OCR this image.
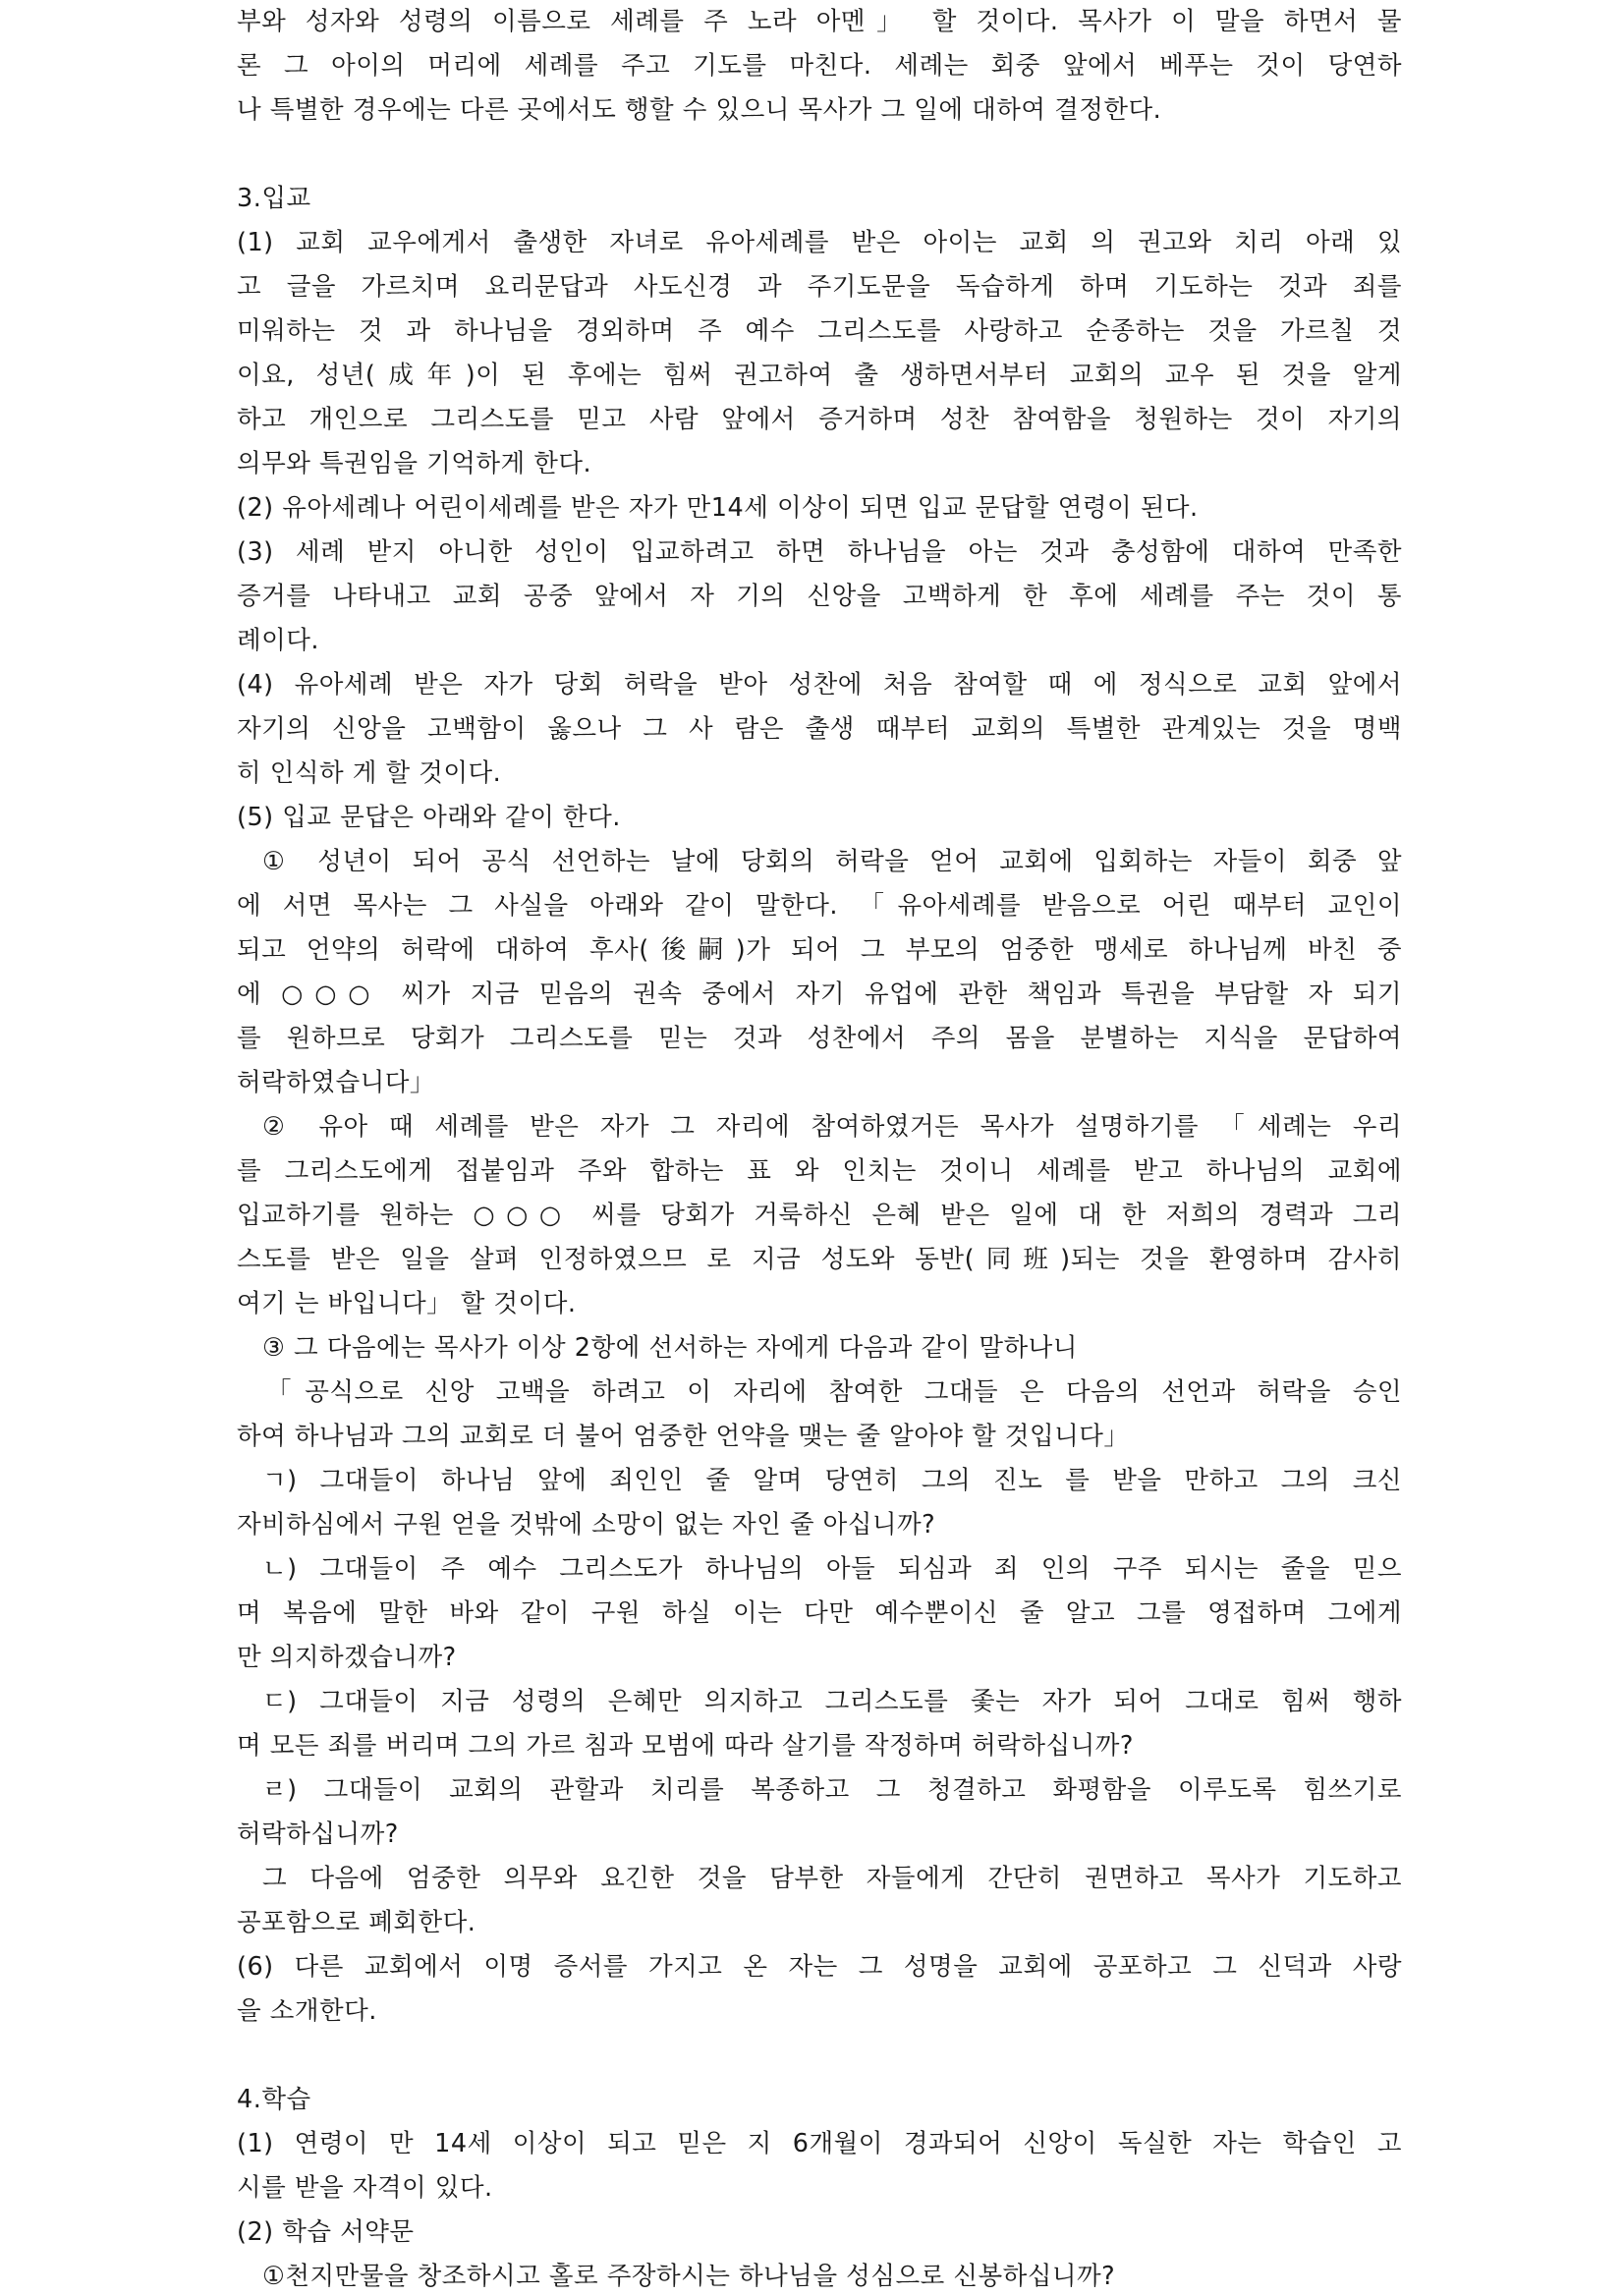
부와 성자와 성령의 이름으로 세례를 주 노라 아멘」 할 것이다. 목사가 이 말을 하면서 물
론 그 아이의 머리에 세례를 주고 기도를 마친다. 세례는 회중 앞에서 베푸는 것이 당연하
나 특별한 경우에는 다른 곳에서도 행할 수 있으니 목사가 그 일에 대하여 결정한다.
3.입교
(1) 교회 교우에게서 출생한 자녀로 유아세례를 받은 아이는 교회 의 권고와 치리 아래 있
고 글을 가르치며 요리문답과 사도신경 과 주기도문을 독습하게 하며 기도하는 것과 죄를
미워하는 것 과 하나님을 경외하며 주 예수 그리스도를 사랑하고 순종하는 것을 가르칠 것
이요, 성년(成年)이 된 후에는 힘써 권고하여 출 생하면서부터 교회의 교우 된 것을 알게
하고 개인으로 그리스도를 믿고 사람 앞에서 증거하며 성찬 참여함을 청원하는 것이 자기의
의무와 특권임을 기억하게 한다.
(2) 유아세례나 어린이세례를 받은 자가 만14세 이상이 되면 입교 문답할 연령이 된다.
(3) 세례 받지 아니한 성인이 입교하려고 하면 하나님을 아는 것과 충성함에 대하여 만족한
증거를 나타내고 교회 공중 앞에서 자 기의 신앙을 고백하게 한 후에 세례를 주는 것이 통
례이다.
(4) 유아세례 받은 자가 당회 허락을 받아 성찬에 처음 참여할 때 에 정식으로 교회 앞에서
자기의 신앙을 고백함이 옳으나 그 사 람은 출생 때부터 교회의 특별한 관계있는 것을 명백
히 인식하 게 할 것이다.
(5) 입교 문답은 아래와 같이 한다.
① 성년이 되어 공식 선언하는 날에 당회의 허락을 얻어 교회에 입회하는 자들이 회중 앞
에 서면 목사는 그 사실을 아래와 같이 말한다. 「유아세례를 받음으로 어린 때부터 교인이
되고 언약의 허락에 대하여 후사(後嗣)가 되어 그 부모의 엄중한 맹세로 하나님께 바친 중
에 ○○○ 씨가 지금 믿음의 권속 중에서 자기 유업에 관한 책임과 특권을 부담할 자 되기
를 원하므로 당회가 그리스도를 믿는 것과 성찬에서 주의 몸을 분별하는 지식을 문답하여
허락하였습니다」
② 유아 때 세례를 받은 자가 그 자리에 참여하였거든 목사가 설명하기를 「세례는 우리
를 그리스도에게 접붙임과 주와 합하는 표 와 인치는 것이니 세례를 받고 하나님의 교회에
입교하기를 원하는 ○○○ 씨를 당회가 거룩하신 은혜 받은 일에 대 한 저희의 경력과 그리
스도를 받은 일을 살펴 인정하였으므 로 지금 성도와 동반(同班)되는 것을 환영하며 감사히
여기 는 바입니다」 할 것이다.
③ 그 다음에는 목사가 이상 2항에 선서하는 자에게 다음과 같이 말하나니
「공식으로 신앙 고백을 하려고 이 자리에 참여한 그대들 은 다음의 선언과 허락을 승인
하여 하나님과 그의 교회로 더 불어 엄중한 언약을 맺는 줄 알아야 할 것입니다」
ㄱ) 그대들이 하나님 앞에 죄인인 줄 알며 당연히 그의 진노 를 받을 만하고 그의 크신
자비하심에서 구원 얻을 것밖에 소망이 없는 자인 줄 아십니까?
ㄴ) 그대들이 주 예수 그리스도가 하나님의 아들 되심과 죄 인의 구주 되시는 줄을 믿으
며 복음에 말한 바와 같이 구원 하실 이는 다만 예수뿐이신 줄 알고 그를 영접하며 그에게
만 의지하겠습니까?
ㄷ) 그대들이 지금 성령의 은혜만 의지하고 그리스도를 좇는 자가 되어 그대로 힘써 행하
며 모든 죄를 버리며 그의 가르 침과 모범에 따라 살기를 작정하며 허락하십니까?
ㄹ) 그대들이 교회의 관할과 치리를 복종하고 그 청결하고 화평함을 이루도록 힘쓰기로
허락하십니까?
그 다음에 엄중한 의무와 요긴한 것을 담부한 자들에게 간단히 권면하고 목사가 기도하고
공포함으로 폐회한다.
(6) 다른 교회에서 이명 증서를 가지고 온 자는 그 성명을 교회에 공포하고 그 신덕과 사랑
을 소개한다.
4.학습
(1) 연령이 만 14세 이상이 되고 믿은 지 6개월이 경과되어 신앙이 독실한 자는 학습인 고
시를 받을 자격이 있다.
(2) 학습 서약문
①천지만물을 창조하시고 홀로 주장하시는 하나님을 성심으로 신봉하십니까?
